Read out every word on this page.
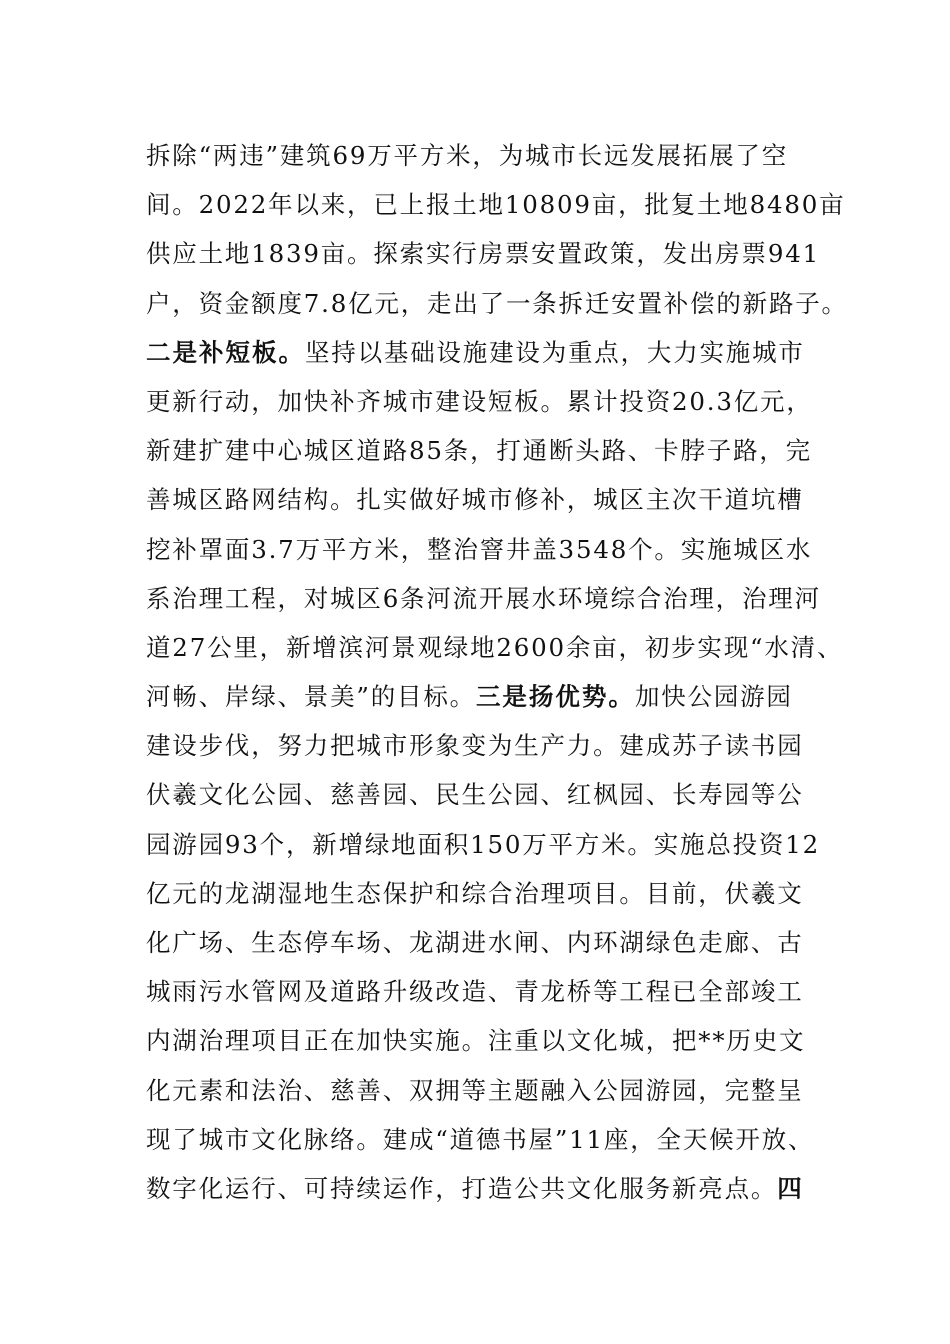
拆除“两违”建筑69万平方米，为城市长远发展拓展了空
间。2022年以来，已上报土地10809亩，批复土地8480亩
供应土地1839亩。探索实行房票安置政策，发出房票941
户，资金额度7.8亿元，走出了一条拆迁安置补偿的新路子。
二是补短板。坚持以基础设施建设为重点，大力实施城市
更新行动，加快补齐城市建设短板。累计投资20.3亿元，
新建扩建中心城区道路85条，打通断头路、卡脖子路，完
善城区路网结构。扎实做好城市修补，城区主次干道坑槽
挖补罩面3.7万平方米，整治窨井盖3548个。实施城区水
系治理工程，对城区6条河流开展水环境综合治理，治理河
道27公里，新增滨河景观绿地2600余亩，初步实现“水清、
河畅、岸绿、景美”的目标。三是扬优势。加快公园游园
建设步伐，努力把城市形象变为生产力。建成苏子读书园
伏羲文化公园、慈善园、民生公园、红枫园、长寿园等公
园游园93个，新增绿地面积150万平方米。实施总投资12
亿元的龙湖湿地生态保护和综合治理项目。目前，伏羲文
化广场、生态停车场、龙湖进水闸、内环湖绿色走廊、古
城雨污水管网及道路升级改造、青龙桥等工程已全部竣工
内湖治理项目正在加快实施。注重以文化城，把**历史文
化元素和法治、慈善、双拥等主题融入公园游园，完整呈
现了城市文化脉络。建成“道德书屋”11座，全天候开放、
数字化运行、可持续运作，打造公共文化服务新亮点。四
